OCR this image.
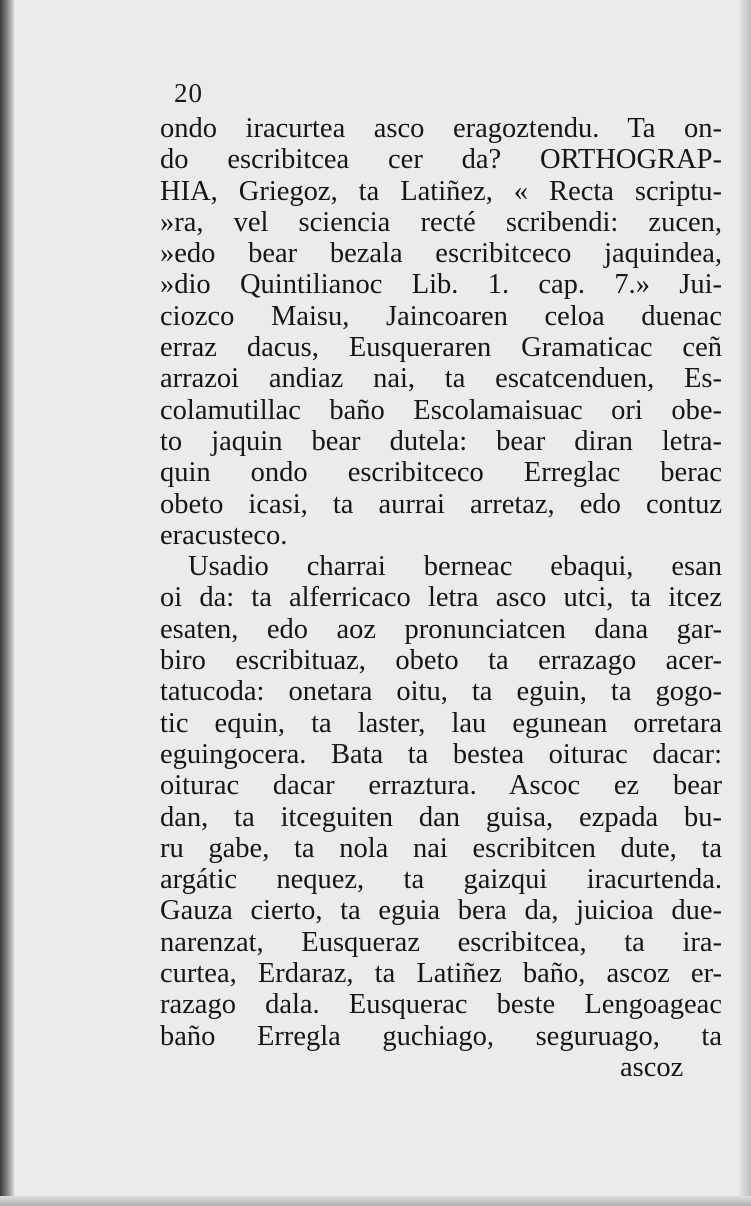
20
ondo iracurtea asco eragoztendu. Ta on-
do escribitcea cer da? ORTHOGRAP-
HIA, Griegoz, ta Latiñez, « Recta scriptu-
»ra, vel sciencia recté scribendi: zucen,
»edo bear bezala escribitceco jaquindea,
»dio Quintilianoc Lib. 1. cap. 7.» Jui-
ciozco Maisu, Jaincoaren celoa duenac
erraz dacus, Eusqueraren Gramaticac ceñ
arrazoi andiaz nai, ta escatcenduen, Es-
colamutillac baño Escolamaisuac ori obe-
to jaquin bear dutela: bear diran letra-
quin ondo escribitceco Erreglac berac
obeto icasi, ta aurrai arretaz, edo contuz
eracusteco.
Usadio charrai berneac ebaqui, esan
oi da: ta alferricaco letra asco utci, ta itcez
esaten, edo aoz pronunciatcen dana gar-
biro escribituaz, obeto ta errazago acer-
tatucoda: onetara oitu, ta eguin, ta gogo-
tic equin, ta laster, lau egunean orretara
eguingocera. Bata ta bestea oiturac dacar:
oiturac dacar erraztura. Ascoc ez bear
dan, ta itceguiten dan guisa, ezpada bu-
ru gabe, ta nola nai escribitcen dute, ta
argátic nequez, ta gaizqui iracurtenda.
Gauza cierto, ta eguia bera da, juicioa due-
narenzat, Eusqueraz escribitcea, ta ira-
curtea, Erdaraz, ta Latiñez baño, ascoz er-
razago dala. Eusquerac beste Lengoageac
baño Erregla guchiago, seguruago, ta
ascoz
